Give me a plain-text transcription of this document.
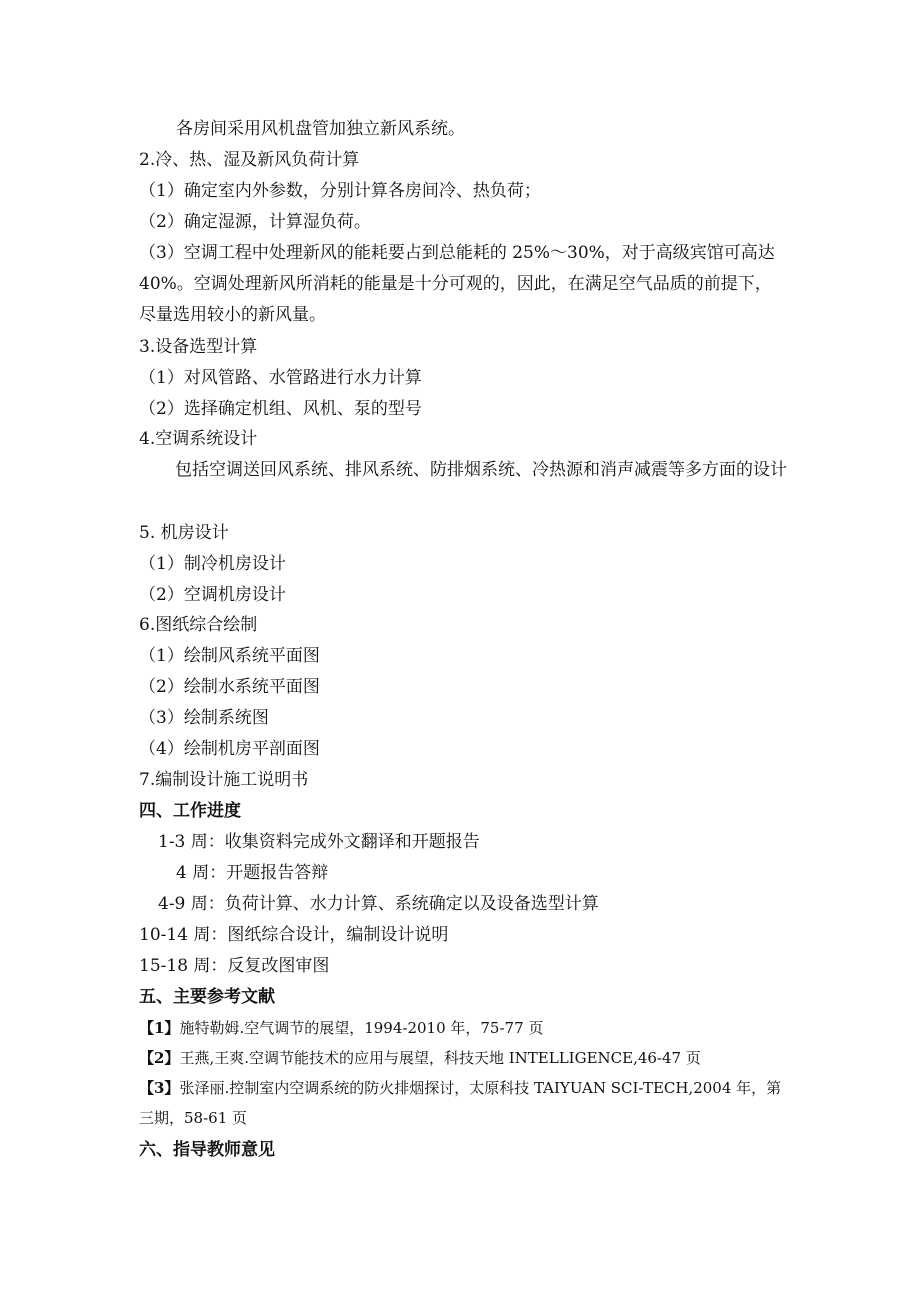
各房间采用风机盘管加独立新风系统。
2.冷、热、湿及新风负荷计算
（1）确定室内外参数，分别计算各房间冷、热负荷；
（2）确定湿源，计算湿负荷。
（3）空调工程中处理新风的能耗要占到总能耗的 25%～30%，对于高级宾馆可高达 40%。空调处理新风所消耗的能量是十分可观的，因此，在满足空气品质的前提下，尽量选用较小的新风量。
3.设备选型计算
（1）对风管路、水管路进行水力计算
（2）选择确定机组、风机、泵的型号
4.空调系统设计
包括空调送回风系统、排风系统、防排烟系统、冷热源和消声减震等多方面的设计
5. 机房设计
（1）制冷机房设计
（2）空调机房设计
6.图纸综合绘制
（1）绘制风系统平面图
（2）绘制水系统平面图
（3）绘制系统图
（4）绘制机房平剖面图
7.编制设计施工说明书
四、工作进度
1-3 周：收集资料完成外文翻译和开题报告
4 周：开题报告答辩
4-9 周：负荷计算、水力计算、系统确定以及设备选型计算
10-14 周：图纸综合设计，编制设计说明
15-18 周：反复改图审图
五、主要参考文献
【1】施特勒姆.空气调节的展望，1994-2010 年，75-77 页
【2】王燕,王爽.空调节能技术的应用与展望，科技天地 INTELLIGENCE,46-47 页
【3】张泽丽.控制室内空调系统的防火排烟探讨，太原科技 TAIYUAN SCI-TECH,2004 年，第三期，58-61 页
六、指导教师意见
